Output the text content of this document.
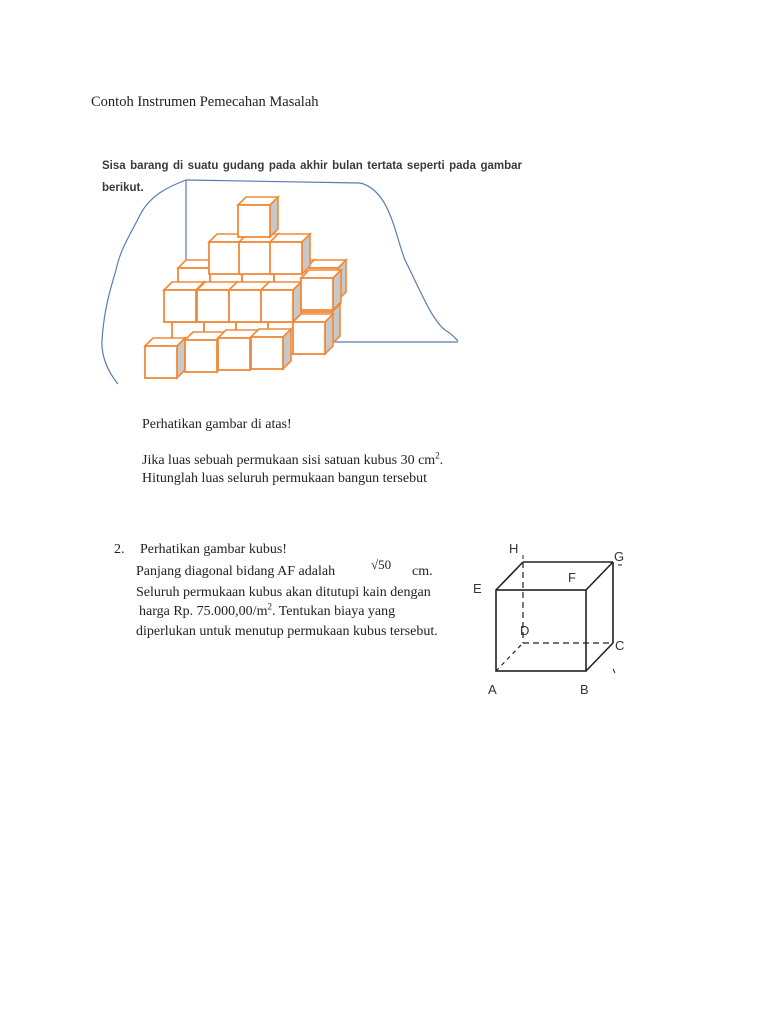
Contoh Instrumen Pemecahan Masalah
Sisa barang di suatu gudang pada akhir bulan tertata seperti pada gambar
berikut.
Perhatikan gambar di atas!
Jika luas sebuah permukaan sisi satuan kubus 30 $cm^2$.
Hitunglah luas seluruh permukaan bangun tersebut
2. Perhatikan gambar kubus!
Panjang diagonal bidang AF adalah	√50 cm.
Seluruh permukaan kubus akan ditutupi kain dengan
harga Rp. $75.000,00/m^2$. Tentukan biaya yang
diperlukan untuk menutup permukaan kubus tersebut.
H
G
F
E
D
C
A	B
